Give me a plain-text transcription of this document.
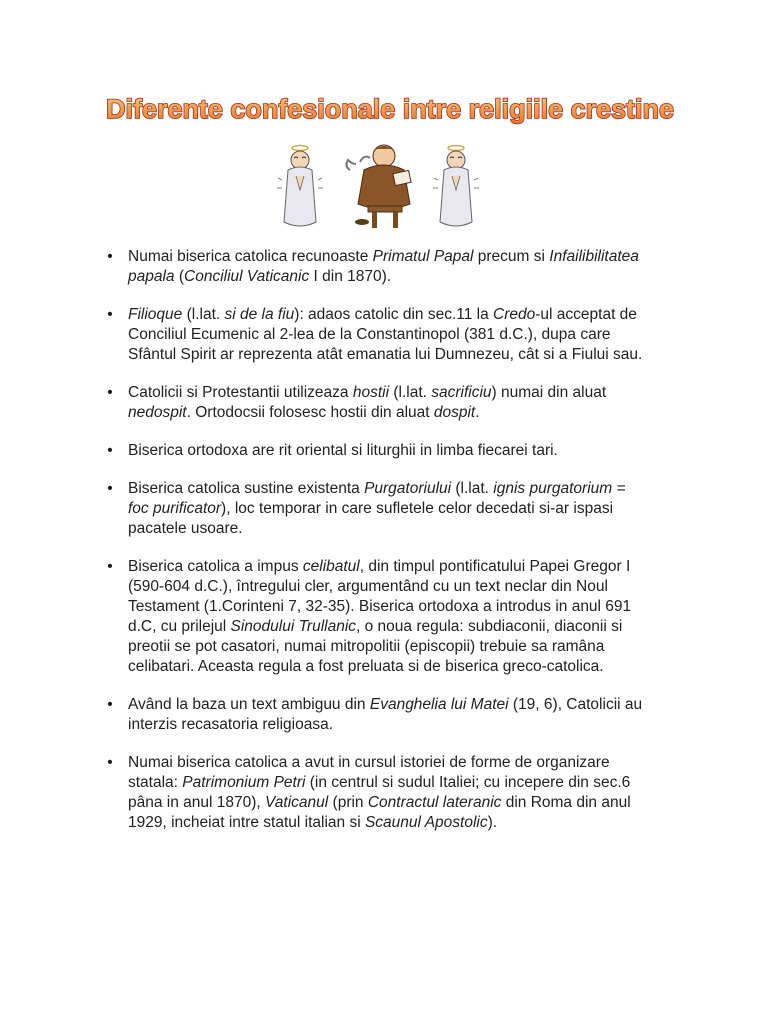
Diferente confesionale intre religiile crestine
• Numai biserica catolica recunoaste Primatul Papal precum si Infailibilitatea papala (Conciliul Vaticanic I din 1870).
• Filioque (l.lat. si de la fiu): adaos catolic din sec.11 la Credo-ul acceptat de Conciliul Ecumenic al 2-lea de la Constantinopol (381 d.C.), dupa care Sfântul Spirit ar reprezenta atât emanatia lui Dumnezeu, cât si a Fiului sau.
• Catolicii si Protestantii utilizeaza hostii (l.lat. sacrificiu) numai din aluat nedospit. Ortodocsii folosesc hostii din aluat dospit.
• Biserica ortodoxa are rit oriental si liturghii in limba fiecarei tari.
• Biserica catolica sustine existenta Purgatoriului (l.lat. ignis purgatorium = foc purificator), loc temporar in care sufletele celor decedati si-ar ispasi pacatele usoare.
• Biserica catolica a impus celibatul, din timpul pontificatului Papei Gregor I (590-604 d.C.), întregului cler, argumentând cu un text neclar din Noul Testament (1.Corinteni 7, 32-35). Biserica ortodoxa a introdus in anul 691 d.C, cu prilejul Sinodului Trullanic, o noua regula: subdiaconii, diaconii si preotii se pot casatori, numai mitropolitii (episcopii) trebuie sa ramâna celibatari. Aceasta regula a fost preluata si de biserica greco-catolica.
• Având la baza un text ambiguu din Evanghelia lui Matei (19, 6), Catolicii au interzis recasatoria religioasa.
• Numai biserica catolica a avut in cursul istoriei de forme de organizare statala: Patrimonium Petri (in centrul si sudul Italiei; cu incepere din sec.6 pâna in anul 1870), Vaticanul (prin Contractul lateranic din Roma din anul 1929, incheiat intre statul italian si Scaunul Apostolic).
